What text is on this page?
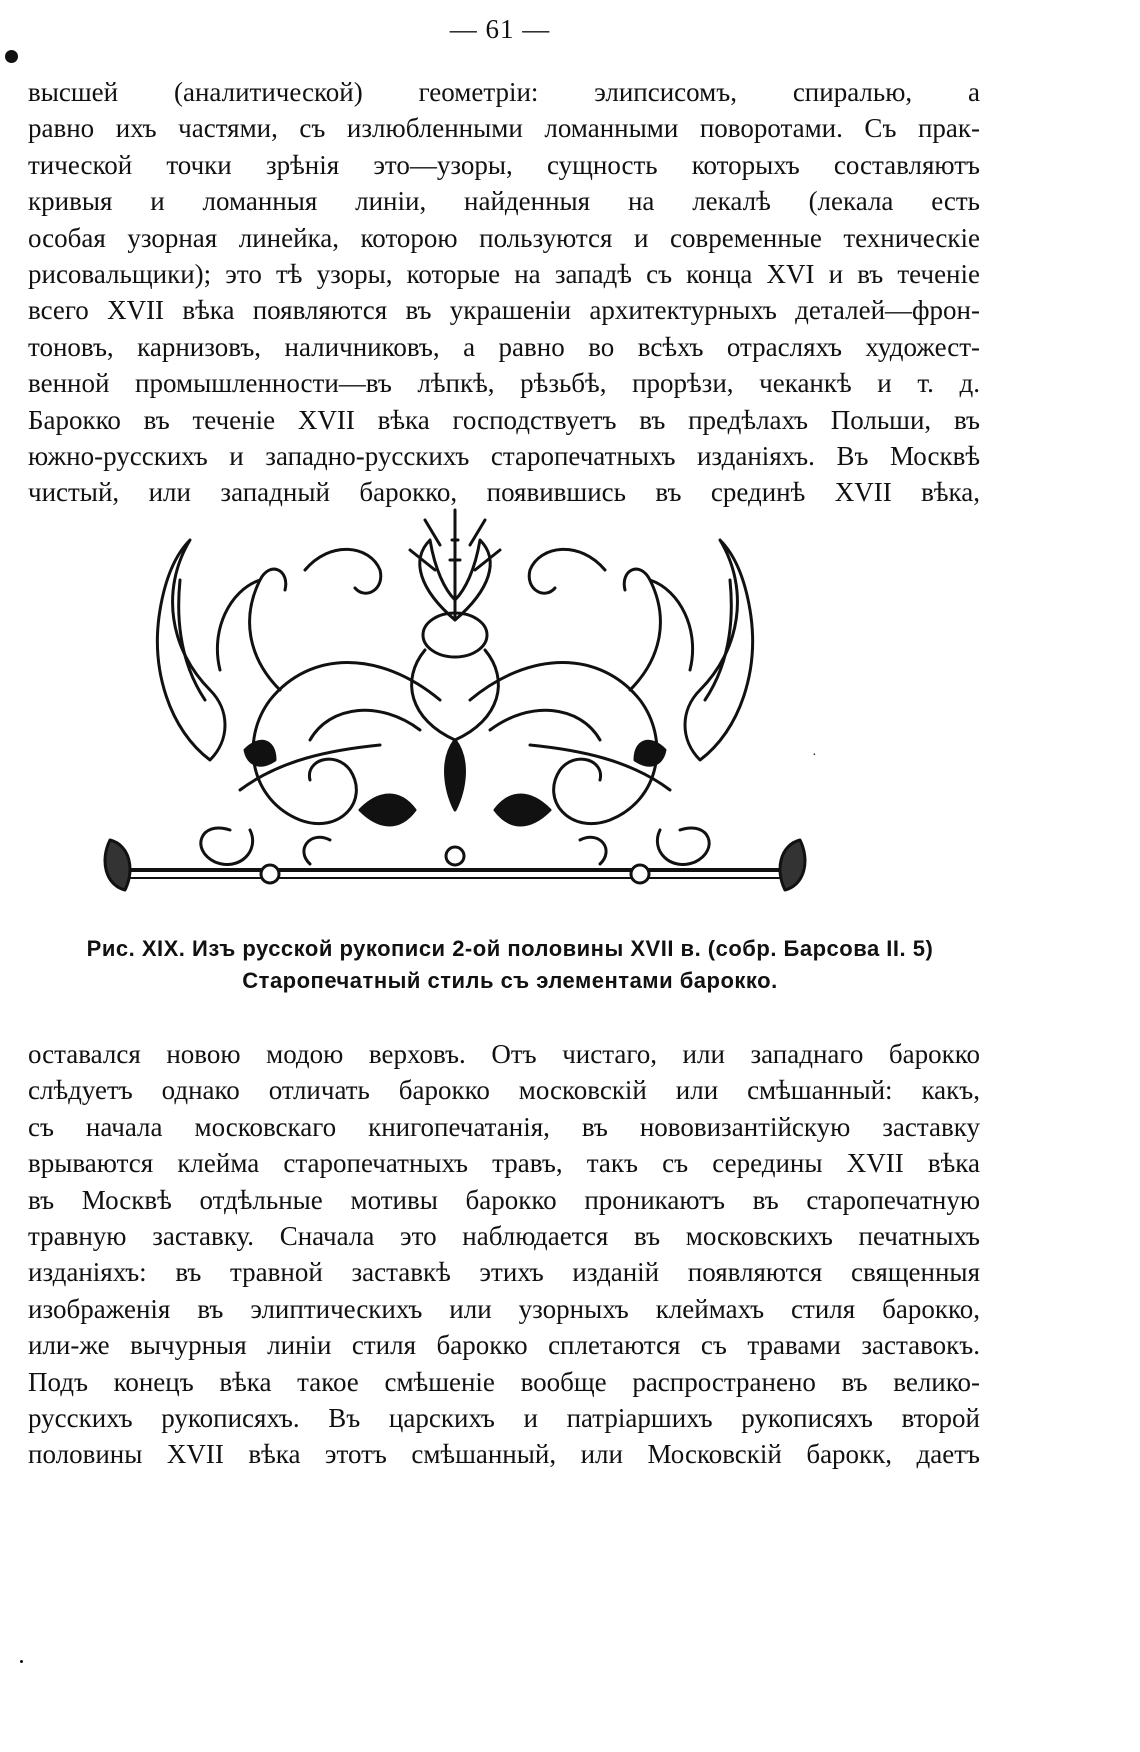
— 61 —
высшей (аналитической) геометріи: элипсисомъ, спиралью, а
равно ихъ частями, съ излюбленными ломанными поворотами. Съ прак-
тической точки зрѣнія это—узоры, сущность которыхъ составляютъ
кривыя и ломанныя линіи, найденныя на лекалѣ (лекала есть
особая узорная линейка, которою пользуются и современные техническіе
рисовальщики); это тѣ узоры, которые на западѣ съ конца XVI и въ теченіе
всего XVII вѣка появляются въ украшеніи архитектурныхъ деталей—фрон-
тоновъ, карнизовъ, наличниковъ, а равно во всѣхъ отрасляхъ художест-
венной промышленности—въ лѣпкѣ, рѣзьбѣ, прорѣзи, чеканкѣ и т. д.
Барокко въ теченіе XVII вѣка господствуетъ въ предѣлахъ Польши, въ
южно-русскихъ и западно-русскихъ старопечатныхъ изданіяхъ. Въ Москвѣ
чистый, или западный барокко, появившись въ срединѣ XVII вѣка,
·
Рис. XIX. Изъ русской рукописи 2-ой половины XVII в. (собр. Барсова II. 5)
Старопечатный стиль съ элементами барокко.
оставался новою модою верховъ. Отъ чистаго, или западнаго барокко
слѣдуетъ однако отличать барокко московскій или смѣшанный: какъ,
съ начала московскаго книгопечатанія, въ нововизантійскую заставку
врываются клейма старопечатныхъ травъ, такъ съ середины XVII вѣка
въ Москвѣ отдѣльные мотивы барокко проникаютъ въ старопечатную
травную заставку. Сначала это наблюдается въ московскихъ печатныхъ
изданіяхъ: въ травной заставкѣ этихъ изданій появляются священныя
изображенія въ элиптическихъ или узорныхъ клеймахъ стиля барокко,
или-же вычурныя линіи стиля барокко сплетаются съ травами заставокъ.
Подъ конецъ вѣка такое смѣшеніе вообще распространено въ велико-
русскихъ рукописяхъ. Въ царскихъ и патріаршихъ рукописяхъ второй
половины XVII вѣка этотъ смѣшанный, или Московскій барокк, даетъ
